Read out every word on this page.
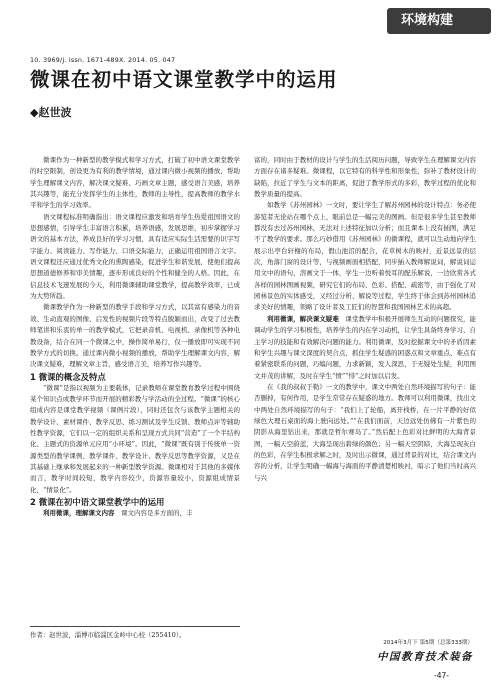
环境构建
10. 3969/j. issn. 1671-489X. 2014. 05. 047
微课在初中语文课堂教学中的运用
◆赵世波

微课作为一种新型的教学模式和学习方式，打破了初中语文课堂教学的时空限制，创设更为有利的教学情境，通过课内微小视频的播放，帮助学生理解课文内容，解决课文疑难、巧画文章主题，感受语言美感，培养其兴趣等，能充分发挥学生的主体性，教师的主导性，提高教师的教学水平和学生的学习效率。

语文课程标准明确指出：语文课程应激发和培育学生热爱祖国语文的思想感情，引导学生丰富语言积累，培养语感，发展思维，初步掌握学习语文的基本方法，养成良好的学习习惯，具有适应实际生活需要的识字写字能力、阅读能力、写作能力、口语交际能力，正确运用祖国语言文字。语文课程还应通过优秀文化的熏陶感染，促进学生和谐发展，使他们提高思想道德修养和审美情趣，逐步形成良好的个性和健全的人格。因此，在信息技术飞速发展的今天，利用微课辅助课堂教学，提高教学效率，已成为大势所趋。

微课教学作为一种新型的教学手段和学习方式，以其富有感染力的音效、生动直观的图像、启发性的视频片段等特点脱颖而出，改变了过去教师笔讲和乐衷的单一的教学模式，它把录音机、电视机、录像机等各种电教设备，结合在同一个微课之中，操作简单易行，仅一播放即可实现不同教学方式的切换。通过课内微小视频的播放，帮助学生理解课文内容，解决课文疑难，理解文章主旨，感受语言美，培养写作兴趣等。

1 微课的概念及特点

“微课”是指以视频为主要载体，记录教师在课堂教育教学过程中围绕某个知识点或教学环节而开展的精彩教与学活动的全过程。“微课”的核心组成内容是课堂教学视频（课例片段），同时还包含与该教学主题相关的教学设计、素材课件、教学反思、练习测试及学生反馈、教师点评等辅助性教学资源，它们以一定的组织关系和呈现方式共同“营造”了一个半结构化、主题式的资源单元应用“小环境”。因此，“微课”既有别于传统单一资源类型的教学课例、教学课件、教学设计、教学反思等教学资源，又是在其基础上继承和发展起来的一种新型教学资源。微课相对于其他的多媒体而言，教学时间较短，教学内容较少，资源容量较小，资源组成情景化，“情景化”。

2 微课在初中语文课堂教学中的运用

利用微课，理解课文内容　 课文内容是多方面的，丰

作者：赵世波，淄博市临淄区金岭中心校（255410）。

富的，同时由于教材的设计与学生的生活阅历问题，导致学生在理解课文内容方面存在诸多疑难。微课程，以它特有的科学性和形象性，弥补了教材设计的缺陷，拉近了学生与文本的距离，促进了教学形式的多彩，教学过程的优化和教学质量的提高。

如教学《苏州园林》一文时，要让学生了解苏州园林的设计特点：务必使游览者无论站在哪个点上，眼前总是一幅完美的图画。但是很多学生甚至教师都没有去过苏州园林，无法对上述特征加以分析；而且课本上没有插图，满足不了教学的要求。那么巧妙借用《苏州园林》的微课程，就可以生动地向学生展示出亭台轩榭的布局，假山池沼的配合，花草树木的映衬，近景远景的层次，角落门窗的设计等，与视频画面相搭配，同步插入教师解说词，解说词运用文中的语句，溶画文于一体，学生一边听着悦耳的配乐解说，一边欣赏各式各样的园林图画视频，研究它们的布局、色彩、搭配、疏密等，由于强化了对园林景色的实体感受，又经过分析、解说等过程，学生终于体会到苏州园林追求美好的情趣，领略了设计者及工匠们的智慧和我国园林艺术的高超。

利用微课，解决课文疑难　 课堂教学中积极开展师生互动的问题探究，能调动学生的学习积极性，培养学生的内在学习动机，让学生具备终身学习、自主学习的技能和有效解决问题的能力。利用微课，及时挖掘课文中的矛盾因素和学生兴趣与课文深度的契合点，抓住学生疑惑的困惑点和文章重点、难点有着紧密联系的问题，巧编问题，力求新颖，发人深思，于无疑处生疑，利用图文并茂的讲解，及时在学生“愤”“悱”之时加以启发。

在《我的叔叔于勒》一文的教学中，课文中两处自然环境描写的句子：能否删掉，有何作用，是学生常常存在疑惑的地方。教师可以利用微课，找出文中两处自然环境描写的句子：“我们上了轮船，离开栈桥，在一片平静的好似绿色大理石桌面的海上驶向远处。”“在我们面前，天边远处仿佛有一片紫色的阴影从海里钻出来，那就是哲尔赛岛了。”然后配上色彩对比鲜明的大海背景图，一幅天空蔚蓝，大海呈现出碧绿的颜色；另一幅天空阴暗，大海呈现灰白的色彩，在学生积极求解之时，及时出示微课，通过背景的对比，结合课文内容的分析，让学生明确一幅海与海面的平静清楚相映衬，暗示了他们当时高兴与兴

2014年3月下 第5期（总第333期）
中国教育技术装备
-47-
